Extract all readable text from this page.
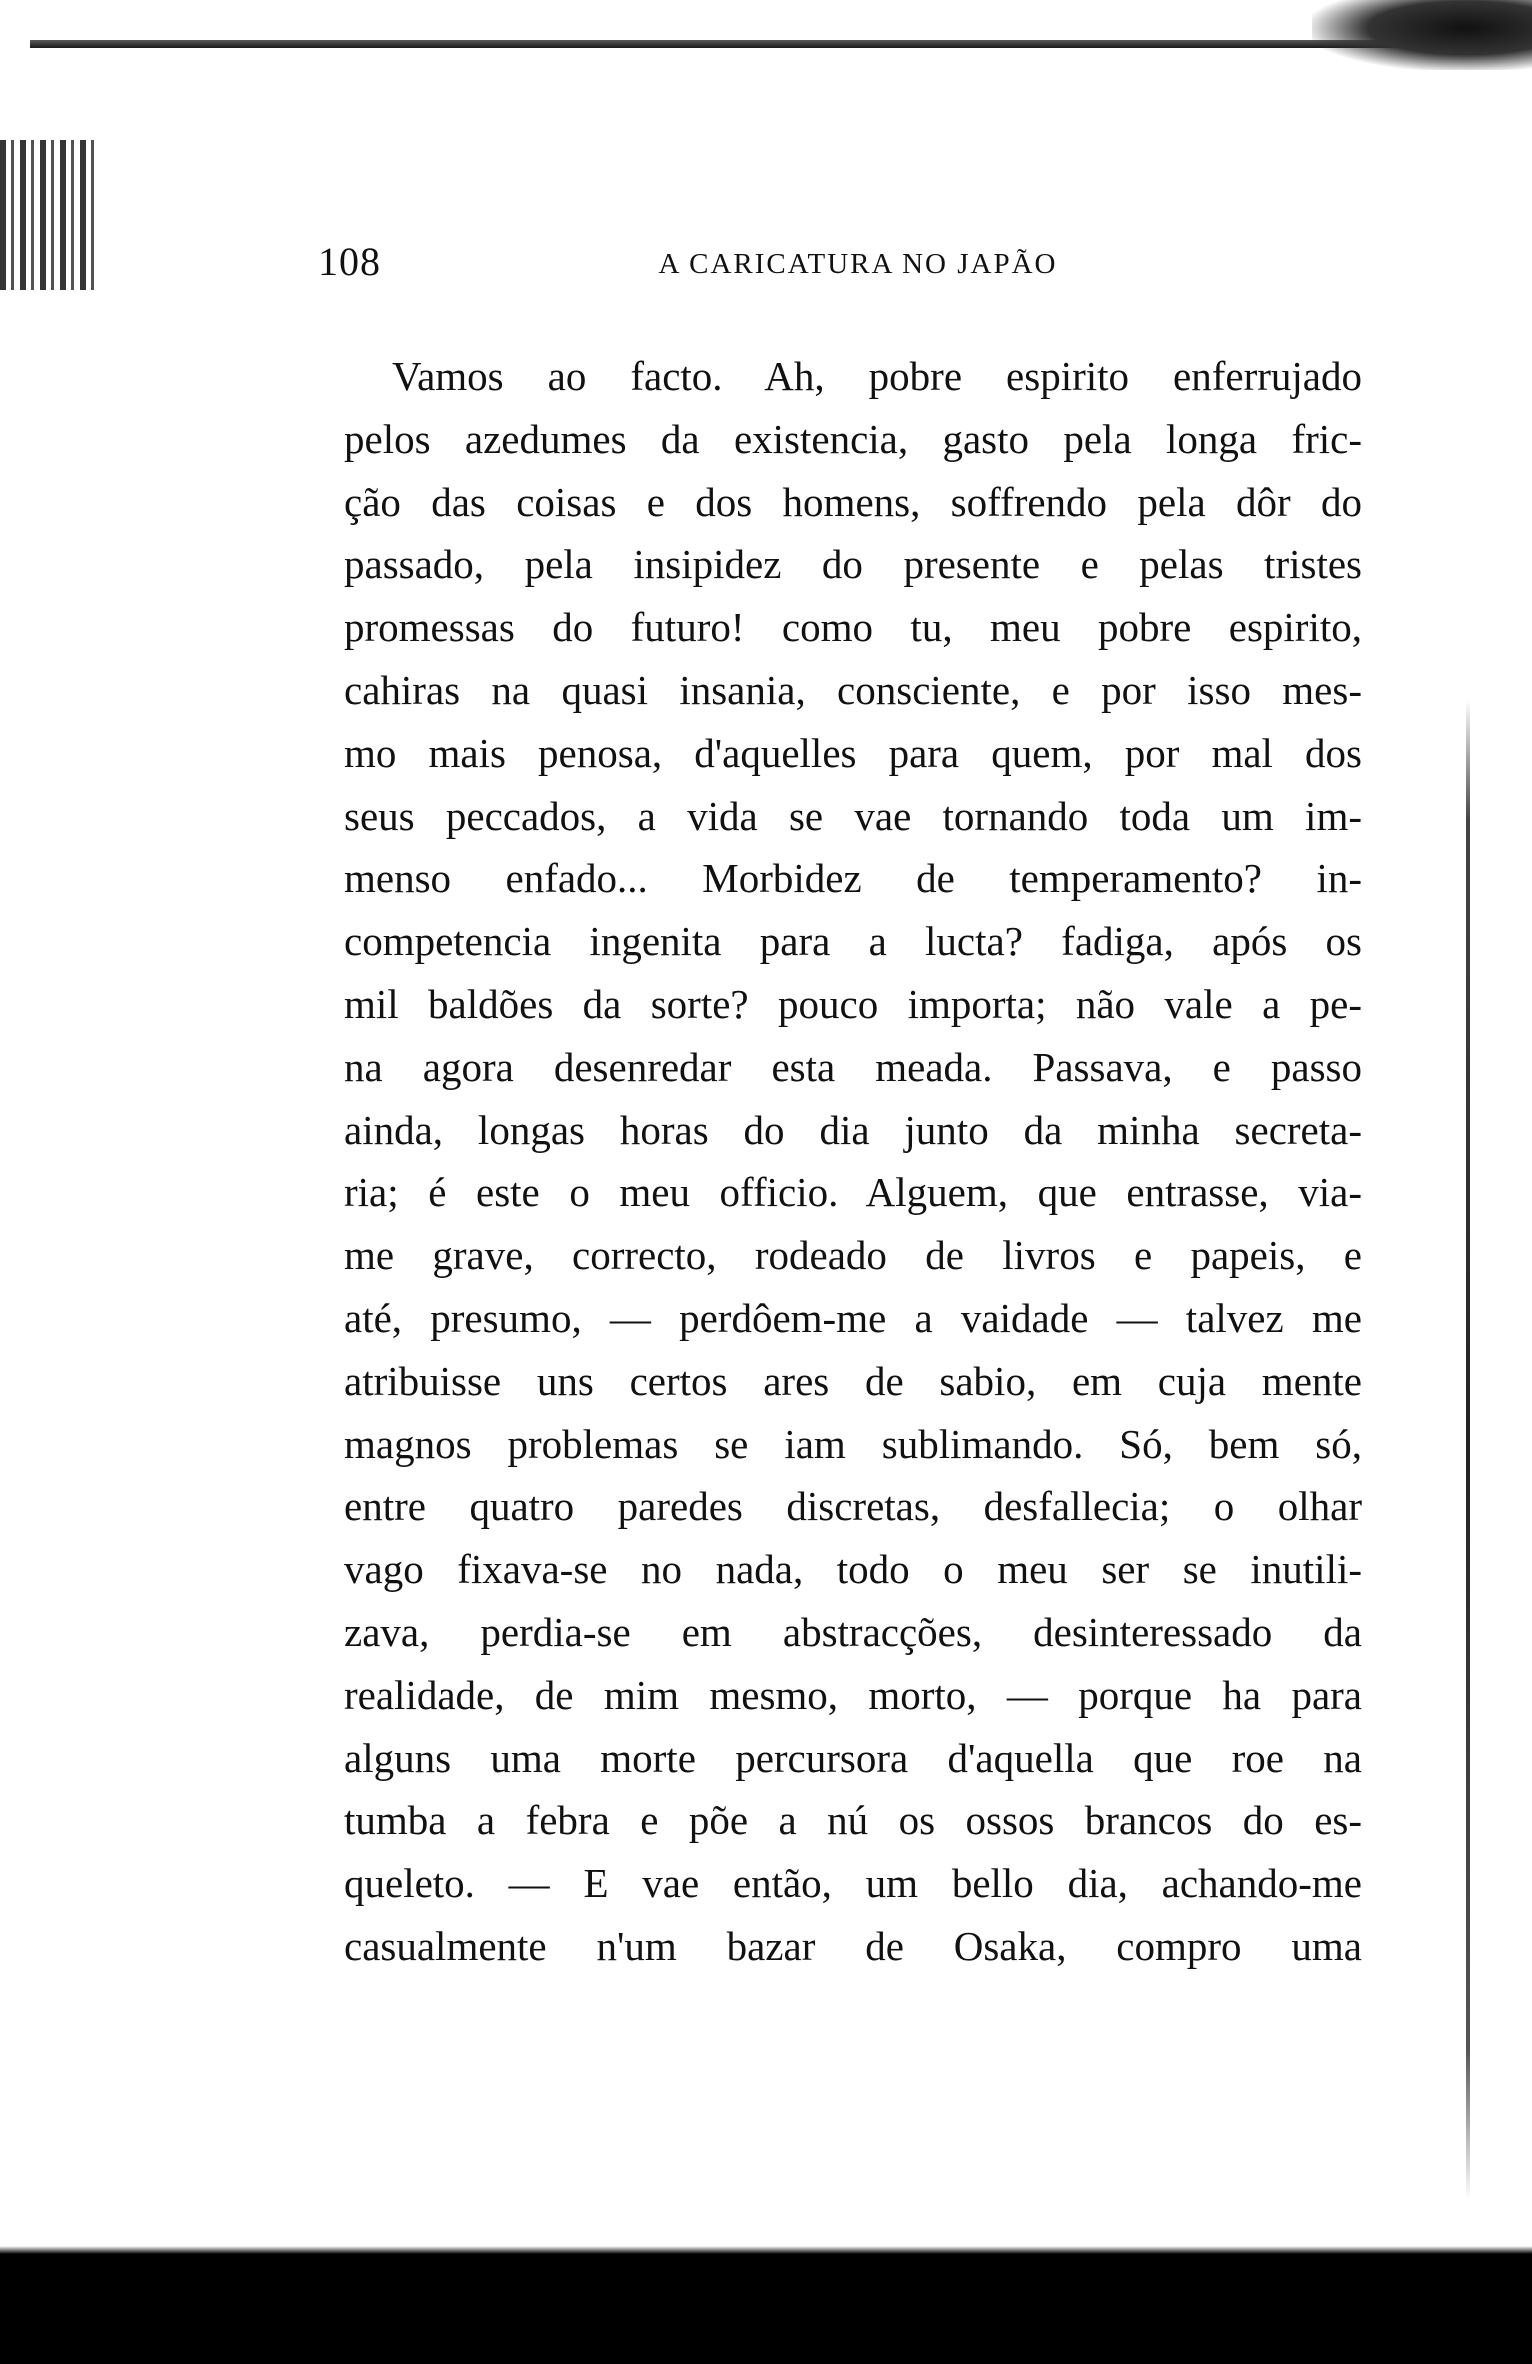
108	A CARICATURA NO JAPÃO
Vamos ao facto. Ah, pobre espirito enferrujado
pelos azedumes da existencia, gasto pela longa fric-
ção das coisas e dos homens, soffrendo pela dôr do
passado, pela insipidez do presente e pelas tristes
promessas do futuro! como tu, meu pobre espirito,
cahiras na quasi insania, consciente, e por isso mes-
mo mais penosa, d'aquelles para quem, por mal dos
seus peccados, a vida se vae tornando toda um im-
menso enfado... Morbidez de temperamento? in-
competencia ingenita para a lucta? fadiga, após os
mil baldões da sorte? pouco importa; não vale a pe-
na agora desenredar esta meada. Passava, e passo
ainda, longas horas do dia junto da minha secreta-
ria; é este o meu officio. Alguem, que entrasse, via-
me grave, correcto, rodeado de livros e papeis, e
até, presumo, — perdôem-me a vaidade — talvez me
atribuisse uns certos ares de sabio, em cuja mente
magnos problemas se iam sublimando. Só, bem só,
entre quatro paredes discretas, desfallecia; o olhar
vago fixava-se no nada, todo o meu ser se inutili-
zava, perdia-se em abstracções, desinteressado da
realidade, de mim mesmo, morto, — porque ha para
alguns uma morte percursora d'aquella que roe na
tumba a febra e põe a nú os ossos brancos do es-
queleto. — E vae então, um bello dia, achando-me
casualmente n'um bazar de Osaka, compro uma
